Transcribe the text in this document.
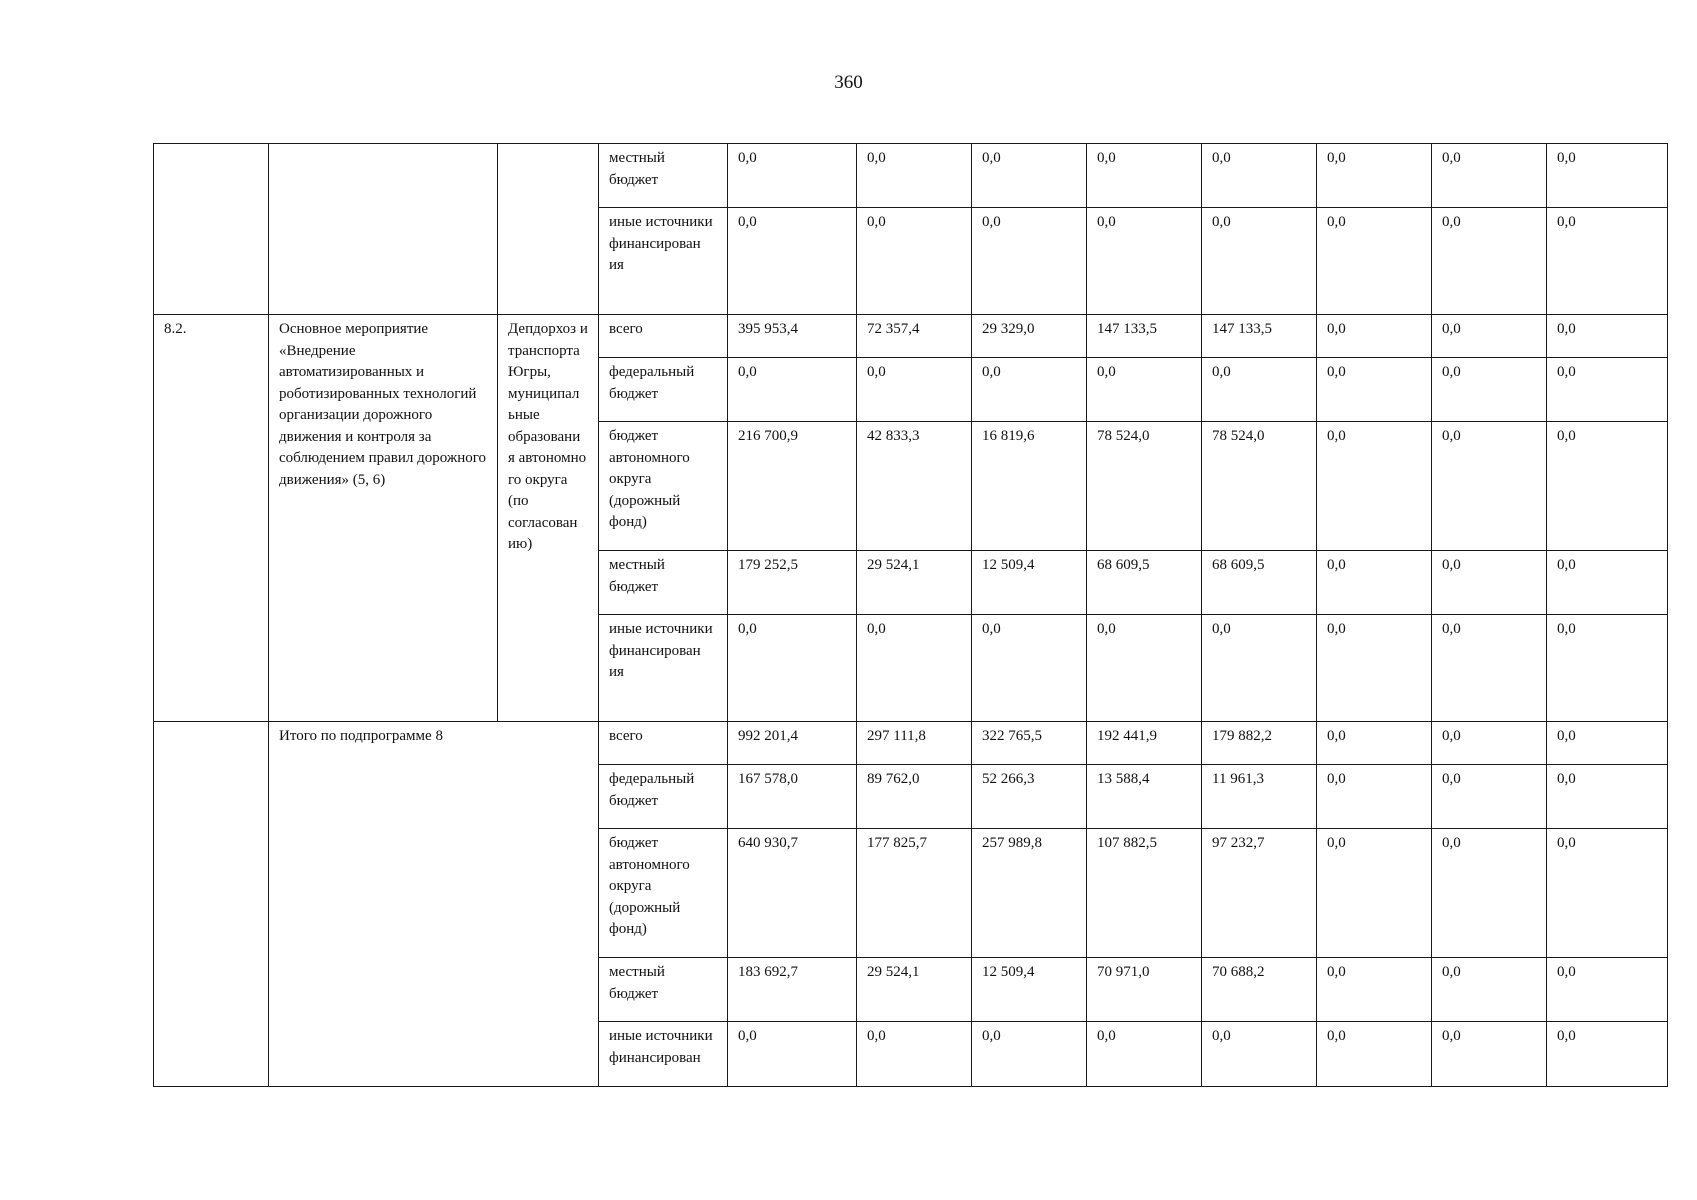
360
			местный бюджет	0,0	0,0	0,0	0,0	0,0	0,0	0,0	0,0
			иные источники финансирован ия	0,0	0,0	0,0	0,0	0,0	0,0	0,0	0,0
8.2.	Основное мероприятие «Внедрение автоматизированных и роботизированных технологий организации дорожного движения и контроля за соблюдением правил дорожного движения» (5, 6)	Депдорхоз и транспорта Югры, муниципал ьные образовани я автономно го округа (по согласован ию)	всего	395 953,4	72 357,4	29 329,0	147 133,5	147 133,5	0,0	0,0	0,0
			федеральный бюджет	0,0	0,0	0,0	0,0	0,0	0,0	0,0	0,0
			бюджет автономного округа (дорожный фонд)	216 700,9	42 833,3	16 819,6	78 524,0	78 524,0	0,0	0,0	0,0
			местный бюджет	179 252,5	29 524,1	12 509,4	68 609,5	68 609,5	0,0	0,0	0,0
			иные источники финансирован ия	0,0	0,0	0,0	0,0	0,0	0,0	0,0	0,0
	Итого по подпрограмме 8		всего	992 201,4	297 111,8	322 765,5	192 441,9	179 882,2	0,0	0,0	0,0
			федеральный бюджет	167 578,0	89 762,0	52 266,3	13 588,4	11 961,3	0,0	0,0	0,0
			бюджет автономного округа (дорожный фонд)	640 930,7	177 825,7	257 989,8	107 882,5	97 232,7	0,0	0,0	0,0
			местный бюджет	183 692,7	29 524,1	12 509,4	70 971,0	70 688,2	0,0	0,0	0,0
			иные источники финансирован	0,0	0,0	0,0	0,0	0,0	0,0	0,0	0,0
